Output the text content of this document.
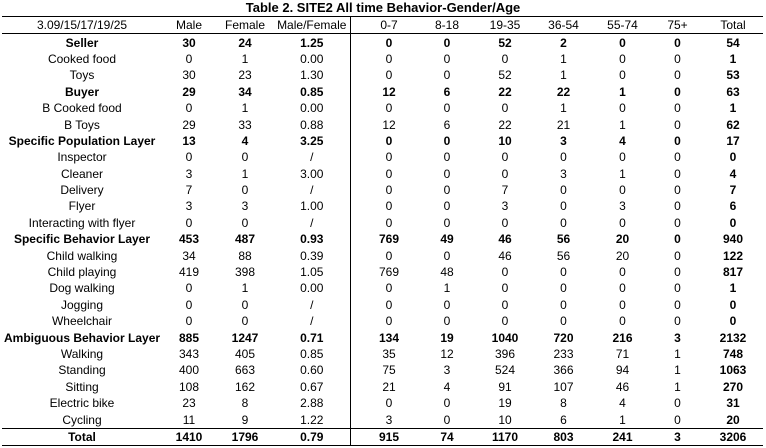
Table 2. SITE2 All time Behavior-Gender/Age
3.09/15/17/19/25	Male	Female	Male/Female		0-7	8-18	19-35	36-54	55-74	75+	Total
Seller	30	24	1.25		0	0	52	2	0	0	54
Cooked food	0	1	0.00		0	0	0	1	0	0	1
Toys	30	23	1.30		0	0	52	1	0	0	53
Buyer	29	34	0.85		12	6	22	22	1	0	63
B Cooked food	0	1	0.00		0	0	0	1	0	0	1
B Toys	29	33	0.88		12	6	22	21	1	0	62
Specific Population Layer	13	4	3.25		0	0	10	3	4	0	17
Inspector	0	0	/		0	0	0	0	0	0	0
Cleaner	3	1	3.00		0	0	0	3	1	0	4
Delivery	7	0	/		0	0	7	0	0	0	7
Flyer	3	3	1.00		0	0	3	0	3	0	6
Interacting with flyer	0	0	/		0	0	0	0	0	0	0
Specific Behavior Layer	453	487	0.93		769	49	46	56	20	0	940
Child walking	34	88	0.39		0	0	46	56	20	0	122
Child playing	419	398	1.05		769	48	0	0	0	0	817
Dog walking	0	1	0.00		0	1	0	0	0	0	1
Jogging	0	0	/		0	0	0	0	0	0	0
Wheelchair	0	0	/		0	0	0	0	0	0	0
Ambiguous Behavior Layer	885	1247	0.71		134	19	1040	720	216	3	2132
Walking	343	405	0.85		35	12	396	233	71	1	748
Standing	400	663	0.60		75	3	524	366	94	1	1063
Sitting	108	162	0.67		21	4	91	107	46	1	270
Electric bike	23	8	2.88		0	0	19	8	4	0	31
Cycling	11	9	1.22		3	0	10	6	1	0	20
Total	1410	1796	0.79		915	74	1170	803	241	3	3206
